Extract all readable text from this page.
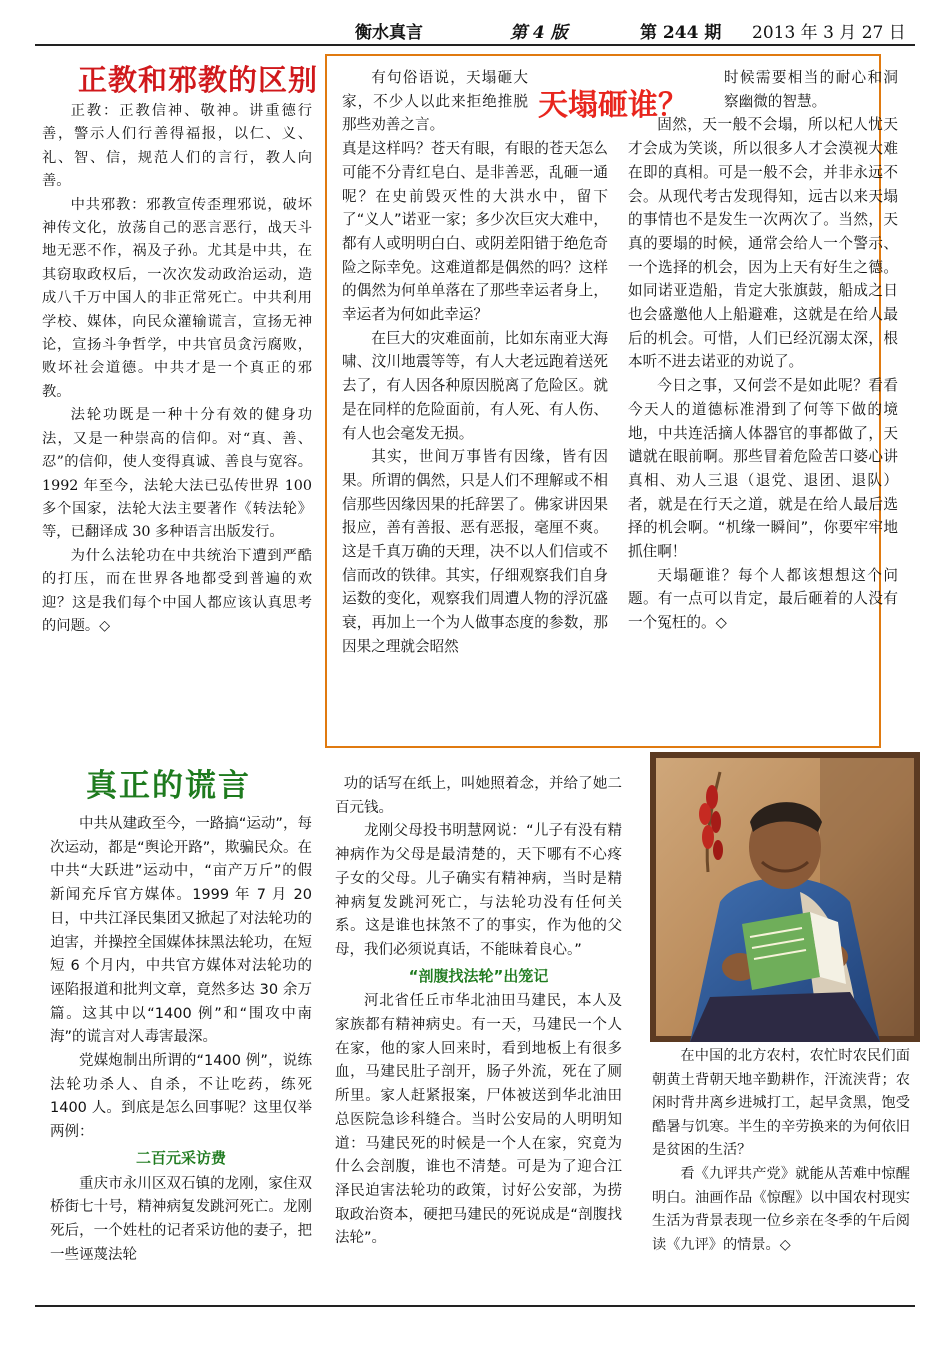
衡水真言	第 4 版	第 244 期 2013 年 3 月 27 日
正教和邪教的区别

正教：正教信神、敬神。讲重德行善，警示人们行善得福报，以仁、义、礼、智、信，规范人们的言行，教人向善。

中共邪教：邪教宣传歪理邪说，破坏神传文化，放荡自己的恶言恶行，战天斗地无恶不作，祸及子孙。尤其是中共，在其窃取政权后，一次次发动政治运动，造成八千万中国人的非正常死亡。中共利用学校、媒体，向民众灌输谎言，宣扬无神论，宣扬斗争哲学，中共官员贪污腐败，败坏社会道德。中共才是一个真正的邪教。

法轮功既是一种十分有效的健身功法，又是一种崇高的信仰。对“真、善、忍”的信仰，使人变得真诚、善良与宽容。1992 年至今，法轮大法已弘传世界 100 多个国家，法轮大法主要著作《转法轮》等，已翻译成 30 多种语言出版发行。

为什么法轮功在中共统治下遭到严酷的打压，而在世界各地都受到普遍的欢迎？这是我们每个中国人都应该认真思考的问题。◇

天塌砸谁？

有句俗语说，天塌砸大家，不少人以此来拒绝推脱那些劝善之言。

真是这样吗？苍天有眼，有眼的苍天怎么可能不分青红皂白、是非善恶，乱砸一通呢？在史前毁灭性的大洪水中，留下了“义人”诺亚一家；多少次巨灾大难中，都有人或明明白白、或阴差阳错于绝危奇险之际幸免。这难道都是偶然的吗？这样的偶然为何单单落在了那些幸运者身上，幸运者为何如此幸运？

在巨大的灾难面前，比如东南亚大海啸、汶川地震等等，有人大老远跑着送死去了，有人因各种原因脱离了危险区。就是在同样的危险面前，有人死、有人伤、有人也会毫发无损。

其实，世间万事皆有因缘，皆有因果。所谓的偶然，只是人们不理解或不相信那些因缘因果的托辞罢了。佛家讲因果报应，善有善报、恶有恶报，毫厘不爽。这是千真万确的天理，决不以人们信或不信而改的铁律。其实，仔细观察我们自身运数的变化，观察我们周遭人物的浮沉盛衰，再加上一个为人做事态度的参数，那因果之理就会昭然

时候需要相当的耐心和洞察幽微的智慧。

固然，天一般不会塌，所以杞人忧天才会成为笑谈，所以很多人才会漠视大难在即的真相。可是一般不会，并非永远不会。从现代考古发现得知，远古以来天塌的事情也不是发生一次两次了。当然，天真的要塌的时候，通常会给人一个警示、一个选择的机会，因为上天有好生之德。如同诺亚造船，肯定大张旗鼓，船成之日也会盛邀他人上船避难，这就是在给人最后的机会。可惜，人们已经沉溺太深，根本听不进去诺亚的劝说了。

今日之事，又何尝不是如此呢？看看今天人的道德标准滑到了何等下做的境地，中共连活摘人体器官的事都做了，天谴就在眼前啊。那些冒着危险苦口婆心讲真相、劝人三退（退党、退团、退队）者，就是在行天之道，就是在给人最后选择的机会啊。“机缘一瞬间”，你要牢牢地抓住啊！

天塌砸谁？每个人都该想想这个问题。有一点可以肯定，最后砸着的人没有一个冤枉的。◇

真正的谎言

中共从建政至今，一路搞“运动”，每次运动，都是“舆论开路”，欺骗民众。在中共“大跃进”运动中，“亩产万斤”的假新闻充斥官方媒体。1999 年 7 月 20 日，中共江泽民集团又掀起了对法轮功的迫害，并操控全国媒体抹黑法轮功，在短短 6 个月内，中共官方媒体对法轮功的诬陷报道和批判文章，竟然多达 30 余万篇。这其中以“1400 例”和“围攻中南海”的谎言对人毒害最深。

党媒炮制出所谓的“1400 例”，说练法轮功杀人、自杀，不让吃药，练死 1400 人。到底是怎么回事呢？这里仅举两例：

二百元采访费

重庆市永川区双石镇的龙刚，家住双桥街七十号，精神病复发跳河死亡。龙刚死后，一个姓杜的记者采访他的妻子，把一些诬蔑法轮

功的话写在纸上，叫她照着念，并给了她二百元钱。

龙刚父母投书明慧网说：“儿子有没有精神病作为父母是最清楚的，天下哪有不心疼子女的父母。儿子确实有精神病，当时是精神病复发跳河死亡，与法轮功没有任何关系。这是谁也抹煞不了的事实，作为他的父母，我们必须说真话，不能昧着良心。”

“剖腹找法轮”出笼记

河北省任丘市华北油田马建民，本人及家族都有精神病史。有一天，马建民一个人在家，他的家人回来时，看到地板上有很多血，马建民肚子剖开，肠子外流，死在了厕所里。家人赶紧报案，尸体被送到华北油田总医院急诊科缝合。当时公安局的人明明知道：马建民死的时候是一个人在家，究竟为什么会剖腹，谁也不清楚。可是为了迎合江泽民迫害法轮功的政策，讨好公安部，为捞取政治资本，硬把马建民的死说成是“剖腹找法轮”。

在中国的北方农村，农忙时农民们面朝黄土背朝天地辛勤耕作，汗流浃背；农闲时背井离乡进城打工，起早贪黑，饱受酷暑与饥寒。半生的辛劳换来的为何依旧是贫困的生活？

看《九评共产党》就能从苦难中惊醒明白。油画作品《惊醒》以中国农村现实生活为背景表现一位乡亲在冬季的午后阅读《九评》的情景。◇
